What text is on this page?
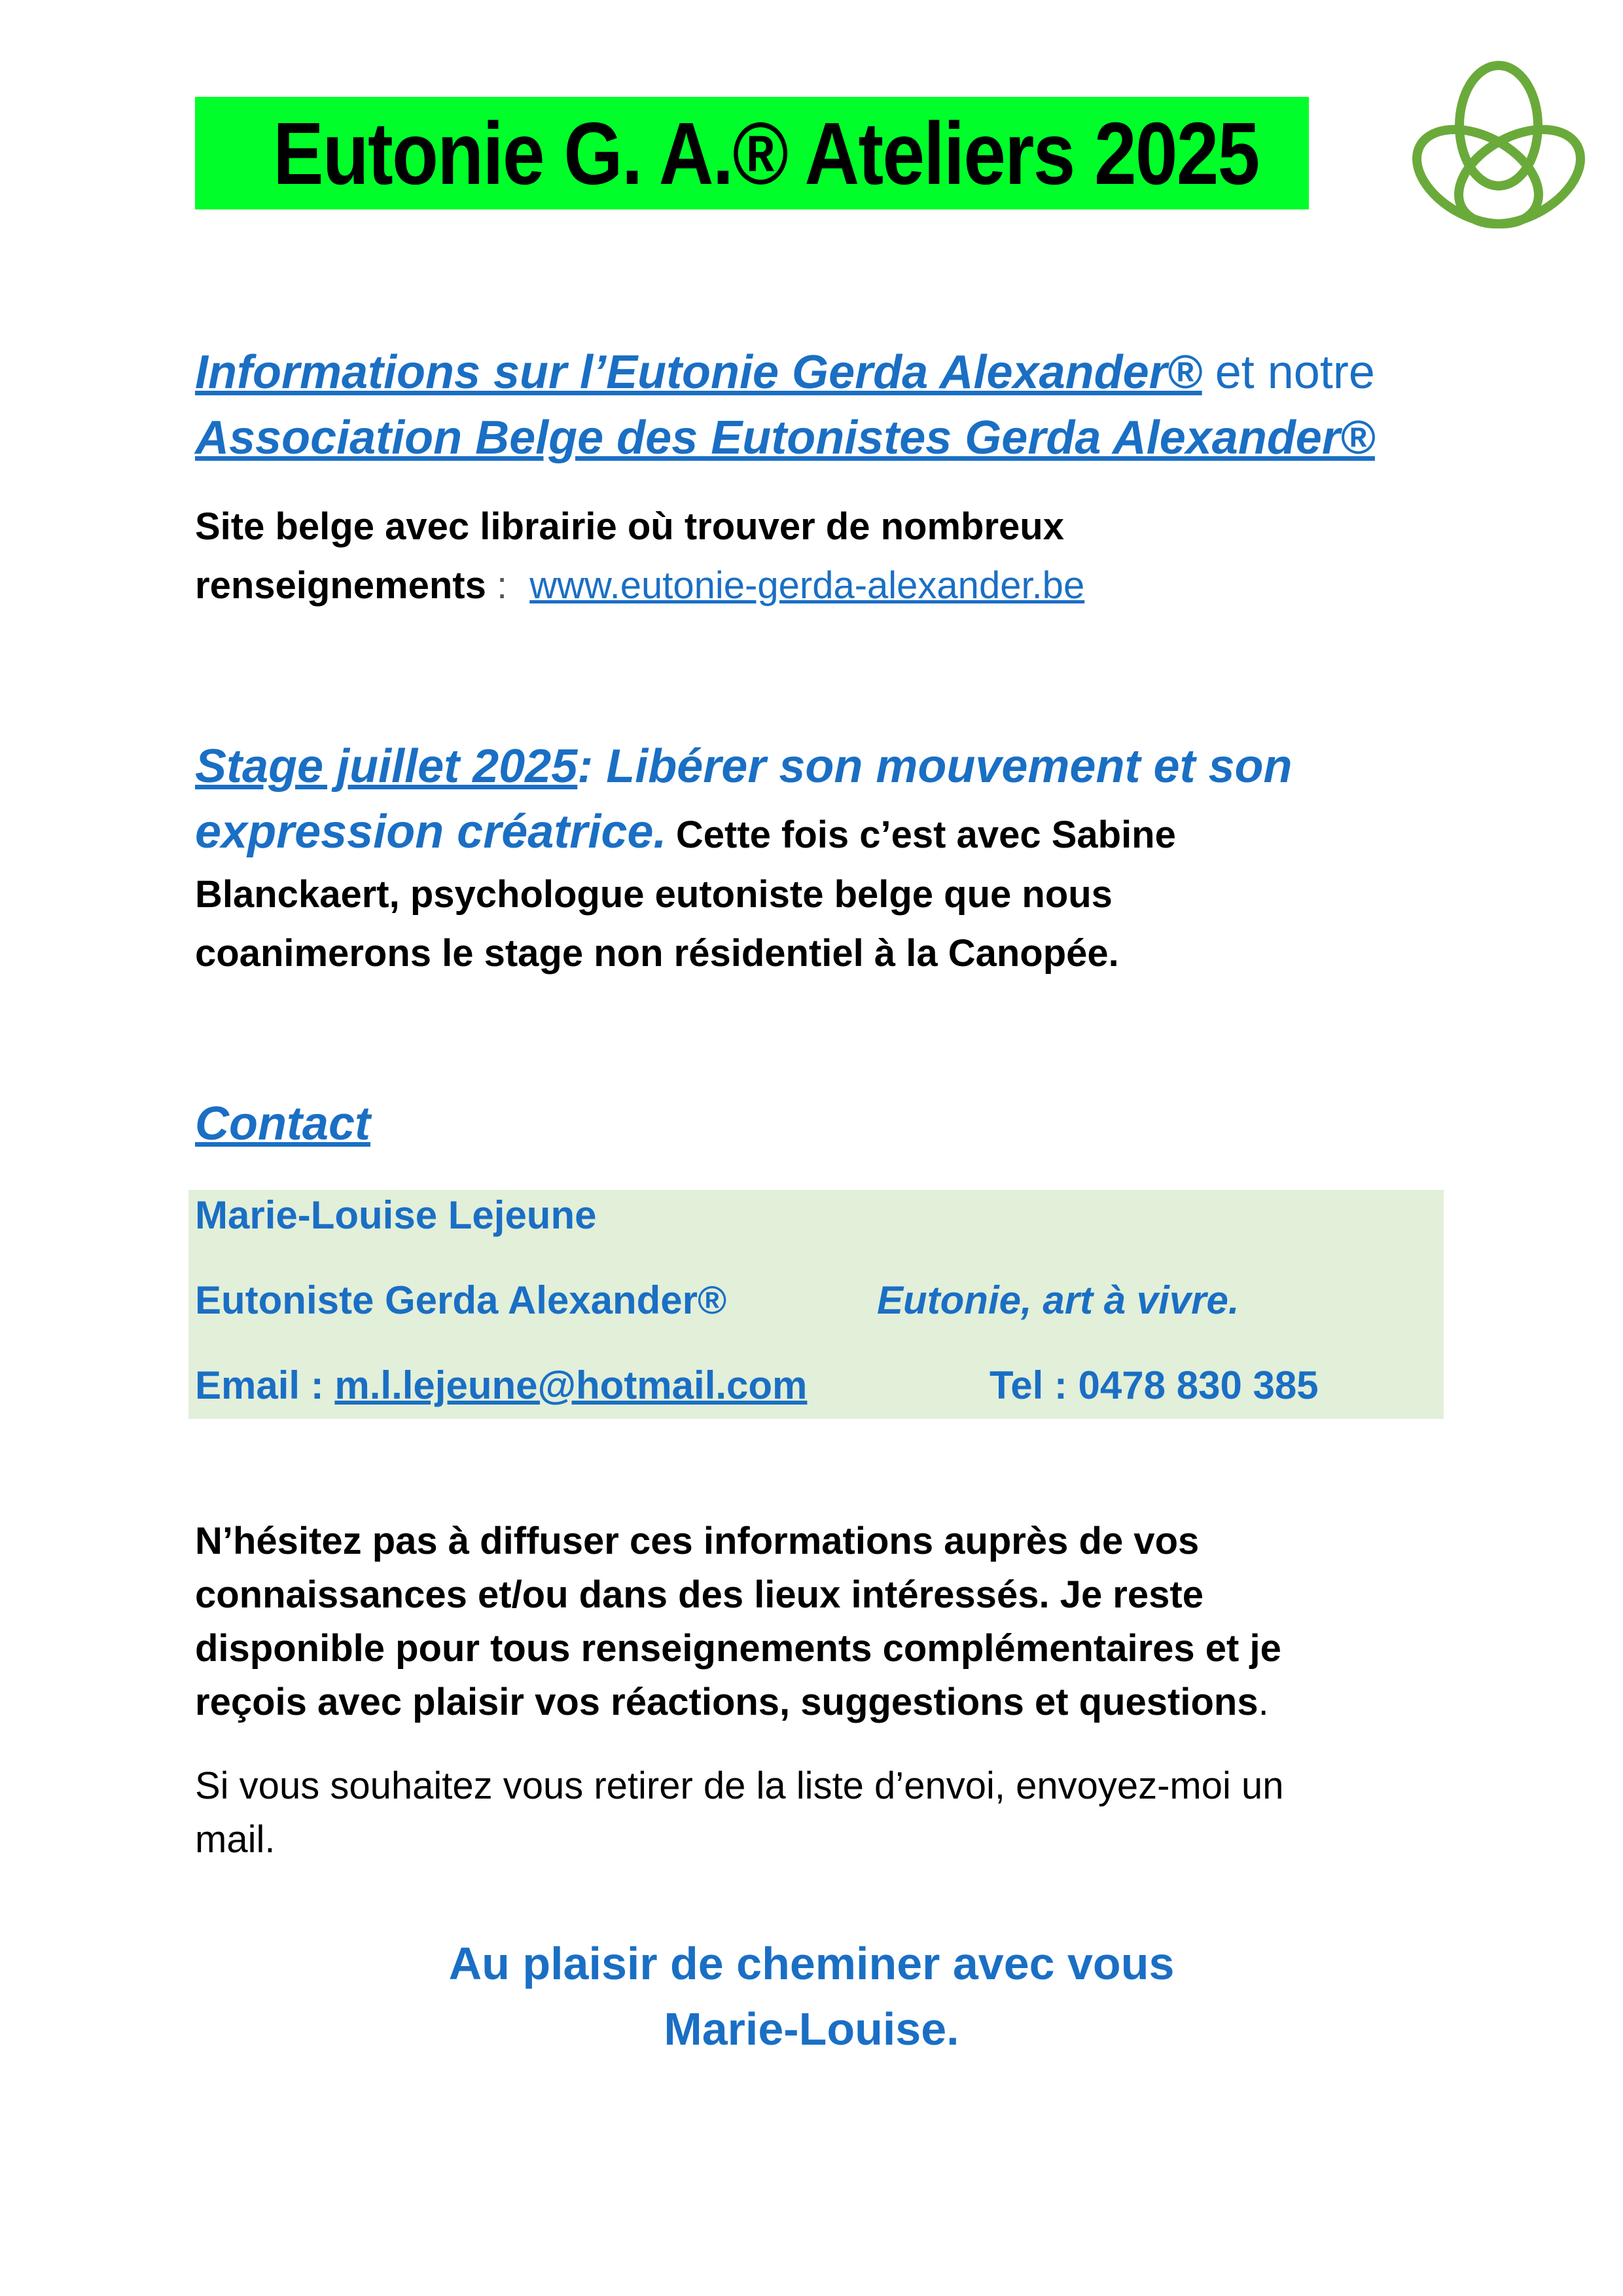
Eutonie G. A.® Ateliers 2025
Informations sur l’Eutonie Gerda Alexander® et notre
Association Belge des Eutonistes Gerda Alexander®
Site belge avec librairie où trouver de nombreux
renseignements : www.eutonie-gerda-alexander.be
Stage juillet 2025: Libérer son mouvement et son
expression créatrice. Cette fois c’est avec Sabine
Blanckaert, psychologue eutoniste belge que nous
coanimerons le stage non résidentiel à la Canopée.
Contact
Marie-Louise Lejeune
Eutoniste Gerda Alexander®	Eutonie, art à vivre.
Email : m.l.lejeune@hotmail.com	Tel : 0478 830 385
N’hésitez pas à diffuser ces informations auprès de vos
connaissances et/ou dans des lieux intéressés. Je reste
disponible pour tous renseignements complémentaires et je
reçois avec plaisir vos réactions, suggestions et questions.
Si vous souhaitez vous retirer de la liste d’envoi, envoyez-moi un
mail.
Au plaisir de cheminer avec vous
Marie-Louise.
